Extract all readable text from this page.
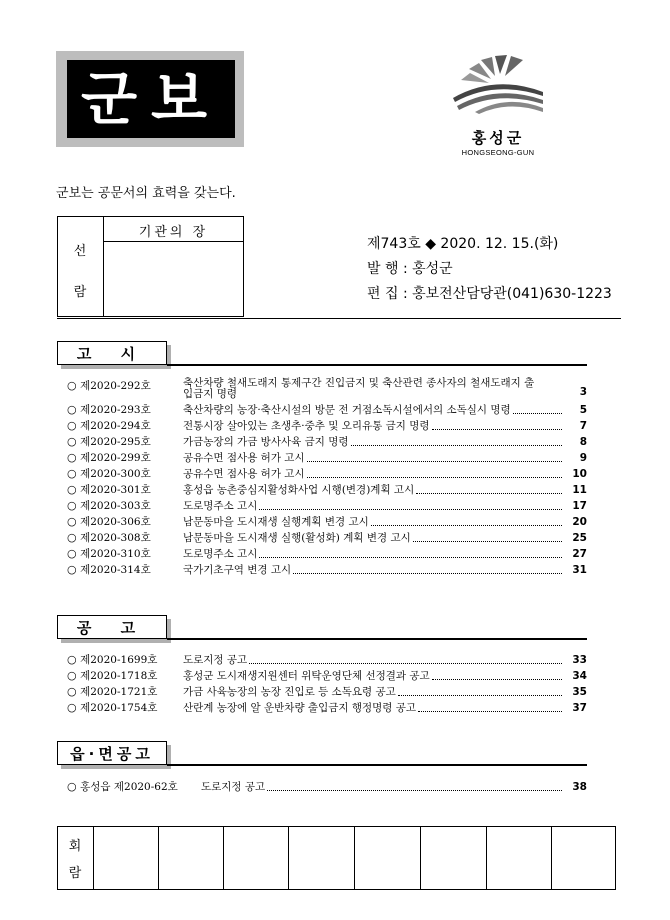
군보
홍성군
HONGSEONG-GUN
군보는 공문서의 효력을 갖는다.
기관의 장
선
람
제743호 ◆ 2020. 12. 15.(화)
발 행 : 홍성군
편 집 : 홍보전산담당관(041)630-1223
고 시
○ 제2020-292호	축산차량 철새도래지 통제구간 진입금지 및 축산관련 종사자의 철새도래지 출입금지 명령	3
○ 제2020-293호	축산차량의 농장·축산시설의 방문 전 거점소독시설에서의 소독실시 명령	5
○ 제2020-294호	전통시장 살아있는 초생추·중추 및 오리유통 금지 명령	7
○ 제2020-295호	가금농장의 가금 방사사육 금지 명령	8
○ 제2020-299호	공유수면 점사용 허가 고시	9
○ 제2020-300호	공유수면 점사용 허가 고시	10
○ 제2020-301호	홍성읍 농촌중심지활성화사업 시행(변경)계획 고시	11
○ 제2020-303호	도로명주소 고시	17
○ 제2020-306호	남문동마을 도시재생 실행계획 변경 고시	20
○ 제2020-308호	남문동마을 도시재생 실행(활성화) 계획 변경 고시	25
○ 제2020-310호	도로명주소 고시	27
○ 제2020-314호	국가기초구역 변경 고시	31
공 고
○ 제2020-1699호 도로지정 공고	33
○ 제2020-1718호 홍성군 도시재생지원센터 위탁운영단체 선정결과 공고	34
○ 제2020-1721호 가금 사육농장의 농장 진입로 등 소독요령 공고	35
○ 제2020-1754호 산란계 농장에 알 운반차량 출입금지 행정명령 공고	37
읍·면공고
○ 홍성읍 제2020-62호 도로지정 공고	38
회
람
